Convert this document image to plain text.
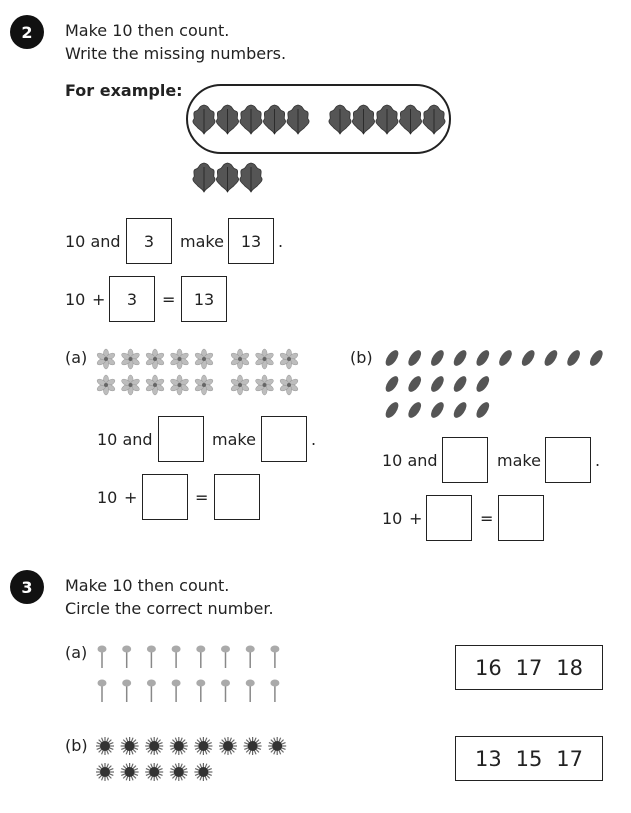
2	Make 10 then count.
Write the missing numbers.
For example:
10 and	3	make	13	.
10 +	3	=	13
(a)
10 and	make	.
10 +	=
(b)
10 and	make	.
10 +	=
3	Make 10 then count.
Circle the correct number.
(a)
16 17 18
(b)
13 15 17
